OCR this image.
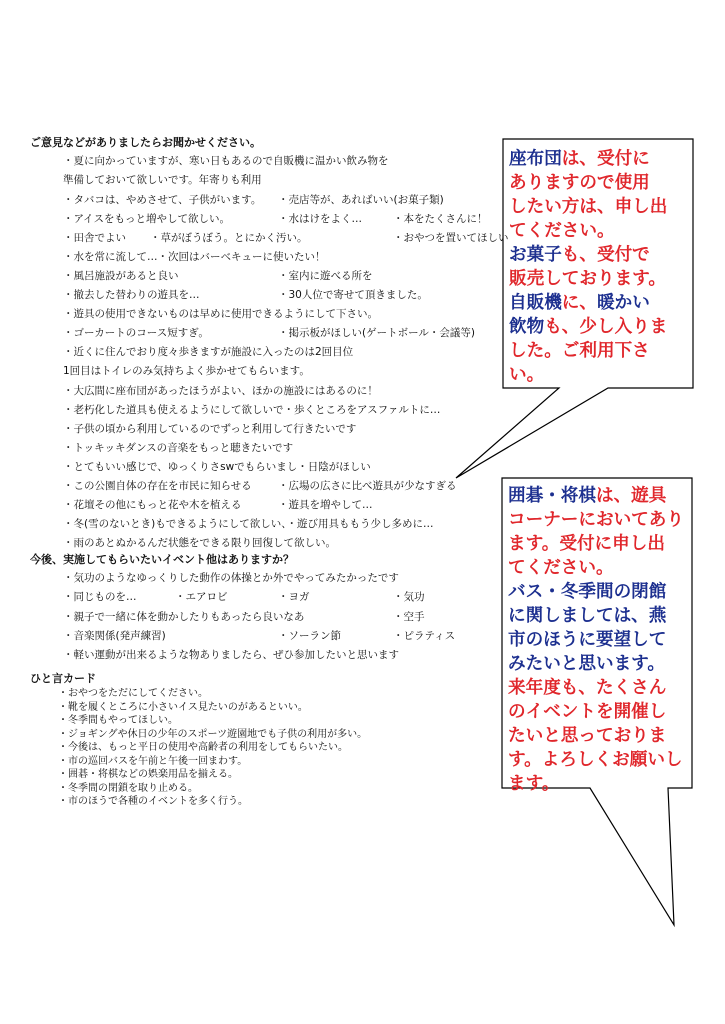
ご意見などがありましたらお聞かせください。
・夏に向かっていますが、寒い日もあるので自販機に温かい飲み物を
準備しておいて欲しいです。年寄りも利用
・タバコは、やめさせて、子供がいます。 ・売店等が、あればいい(お菓子類)
・アイスをもっと増やして欲しい。	・水はけをよく…	・本をたくさんに！
・田舎でよい ・草がぼうぼう。とにかく汚い。	・おやつを置いてほしい
・水を常に流して…・次回はバーベキューに使いたい！
・風呂施設があると良い	・室内に遊べる所を
・撤去した替わりの遊具を…	・30人位で寄せて頂きました。
・遊具の使用できないものは早めに使用できるようにして下さい。
・ゴーカートのコース短すぎ。	・掲示板がほしい(ゲートボール・会議等)
・近くに住んでおり度々歩きますが施設に入ったのは2回目位
1回目はトイレのみ気持ちよく歩かせてもらいます。
・大広間に座布団があったほうがよい、ほかの施設にはあるのに！
・老朽化した道具も使えるようにして欲しいで・歩くところをアスファルトに…
・子供の頃から利用しているのでずっと利用して行きたいです
・トッキッキダンスの音楽をもっと聴きたいです
・とてもいい感じで、ゆっくりさswでもらいまし・日陰がほしい
・この公園自体の存在を市民に知らせる	・広場の広さに比べ遊具が少なすぎる
・花壇その他にもっと花や木を植える	・遊具を増やして…
・冬(雪のないとき)もできるようにして欲しい、・遊び用具ももう少し多めに…
・雨のあとぬかるんだ状態をできる限り回復して欲しい。
今後、実施してもらいたいイベント他はありますか？
・気功のようなゆっくりした動作の体操とか外でやってみたかったです
・同じものを…	・エアロビ	・ヨガ	・気功
・親子で一緒に体を動かしたりもあったら良いなあ	・空手
・音楽関係(発声練習)	・ソーラン節	・ピラティス
・軽い運動が出来るような物ありましたら、ぜひ参加したいと思います
ひと言カード
・おやつをただにしてください。
・靴を履くところに小さいイス見たいのがあるといい。
・冬季間もやってほしい。
・ジョギングや休日の少年のスポーツ遊園地でも子供の利用が多い。
・今後は、もっと平日の使用や高齢者の利用をしてもらいたい。
・市の巡回バスを午前と午後一回まわす。
・囲碁・将棋などの娯楽用品を揃える。
・冬季間の閉鎖を取り止める。
・市のほうで各種のイベントを多く行う。
座布団は、受付に
ありますので使用
したい方は、申し出
てください。
お菓子も、受付で
販売しております。
自販機に、暖かい
飲物も、少し入りま
した。ご利用下さ
い。
囲碁・将棋は、遊具
コーナーにおいてあり
ます。受付に申し出
てください。
バス・冬季間の閉館
に関しましては、燕
市のほうに要望して
みたいと思います。
来年度も、たくさん
のイベントを開催し
たいと思っておりま
す。よろしくお願いし
ます。
